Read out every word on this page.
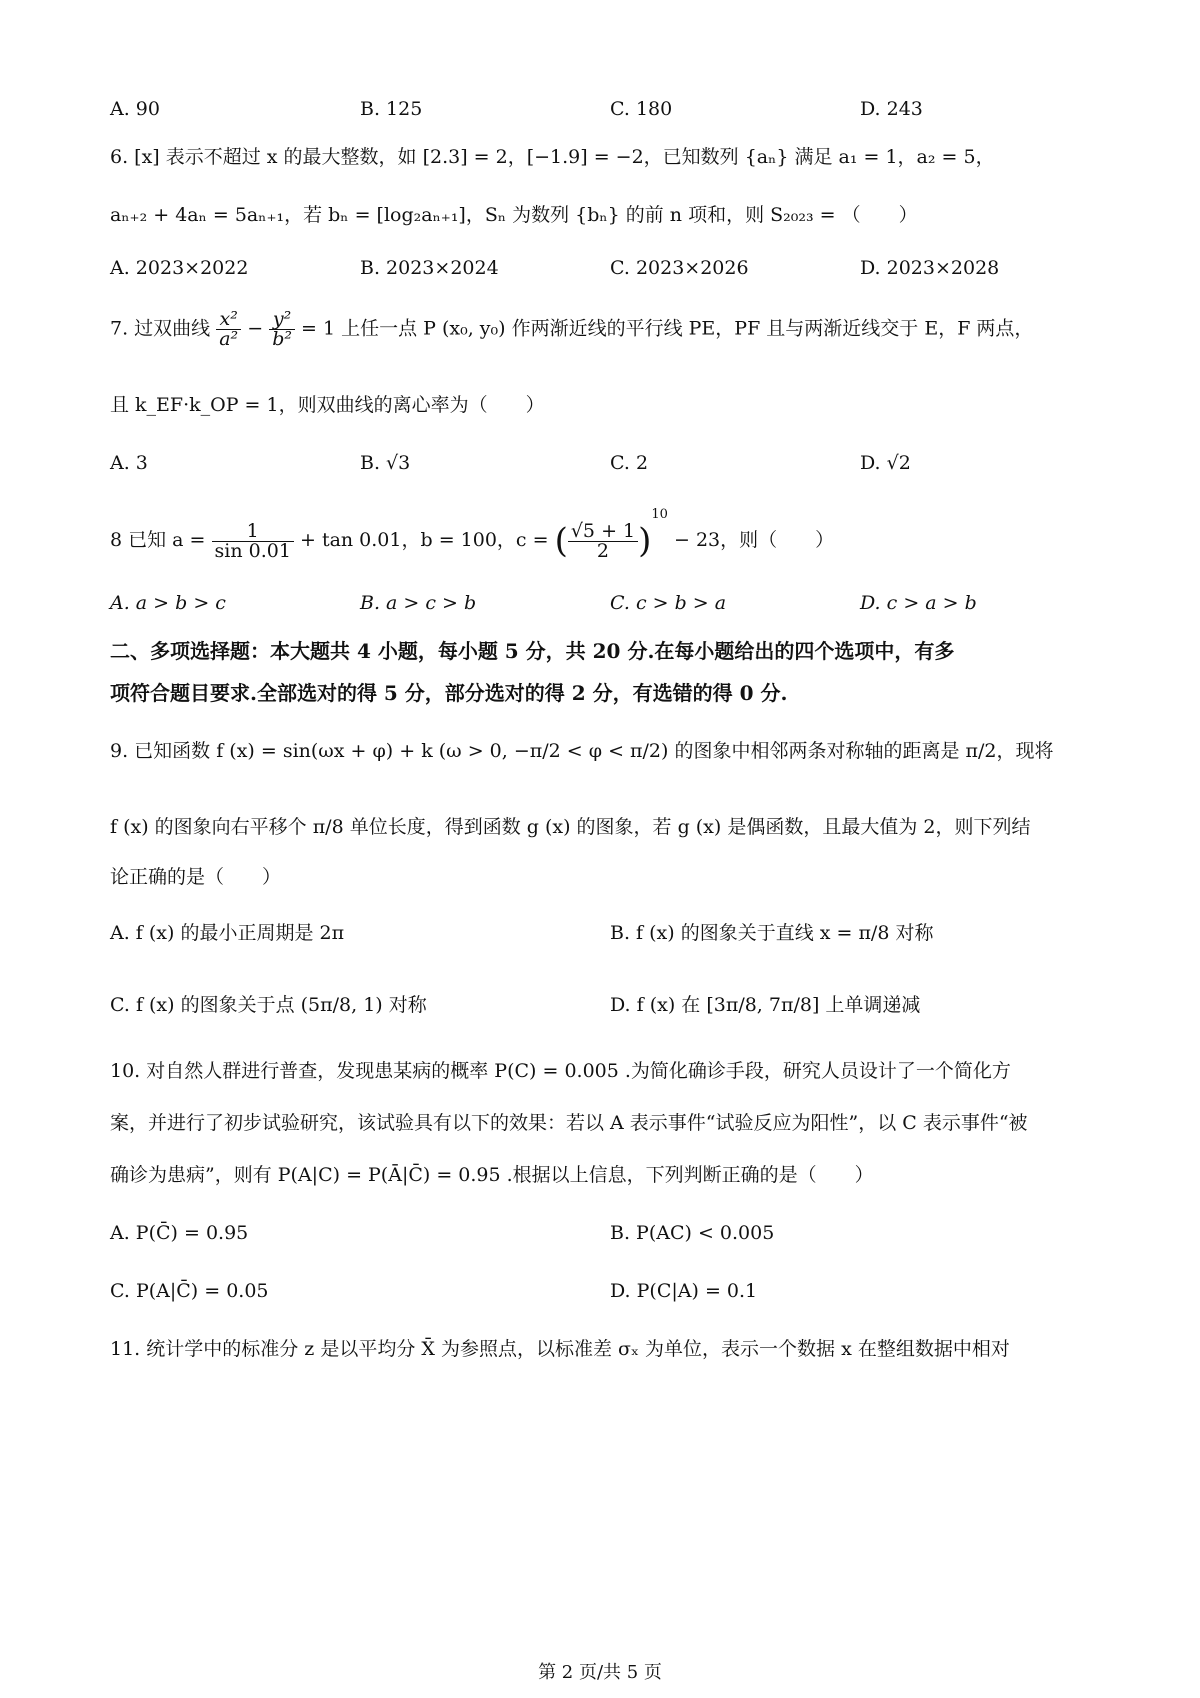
A. 90	B. 125	C. 180	D. 243
6. [x] 表示不超过 x 的最大整数，如 [2.3] = 2，[−1.9] = −2，已知数列 {aₙ} 满足 a₁ = 1，a₂ = 5，
aₙ₊₂ + 4aₙ = 5aₙ₊₁，若 bₙ = [log₂aₙ₊₁]，Sₙ 为数列 {bₙ} 的前 n 项和，则 S₂₀₂₃ = （　　）
A. 2023×2022	B. 2023×2024	C. 2023×2026	D. 2023×2028
7. 过双曲线 $\frac{\text{x²}}{\text{a²}} - \frac{\text{y²}}{\text{b²}} = 1$ 上任一点 P (x₀, y₀) 作两渐近线的平行线 PE，PF 且与两渐近线交于 E，F 两点，
且 k_EF·k_OP = 1，则双曲线的离心率为（　　）
A. 3	B. √3	C. 2	D. √2
8 已知 $a = \frac{1}{\sin 0.01} + \tan 0.01$，b = 100，c = ( $\frac{√5 + 1}{2} )^{10} - 23$，则（　　）
A. a > b > c	B. a > c > b	C. c > b > a	D. c > a > b
二、多项选择题：本大题共 4 小题，每小题 5 分，共 20 分.在每小题给出的四个选项中，有多
项符合题目要求.全部选对的得 5 分，部分选对的得 2 分，有选错的得 0 分.
9. 已知函数 f (x) = sin(ωx + φ) + k (ω > 0, −π/2 < φ < π/2) 的图象中相邻两条对称轴的距离是 π/2，现将
f (x) 的图象向右平移个 π/8 单位长度，得到函数 g (x) 的图象，若 g (x) 是偶函数，且最大值为 2，则下列结
论正确的是（　　）
A. f (x) 的最小正周期是 2π	B. f (x) 的图象关于直线 x = π/8 对称
C. f (x) 的图象关于点 (5π/8, 1) 对称	D. f (x) 在 [3π/8, 7π/8] 上单调递减
10. 对自然人群进行普查，发现患某病的概率 P(C) = 0.005 .为简化确诊手段，研究人员设计了一个简化方
案，并进行了初步试验研究，该试验具有以下的效果：若以 A 表示事件“试验反应为阳性”，以 C 表示事件“被
确诊为患病”，则有 P(A|C) = P(Ā|C̄) = 0.95 .根据以上信息，下列判断正确的是（　　）
A. P(C̄) = 0.95	B. P(AC) < 0.005
C. P(A|C̄) = 0.05	D. P(C|A) = 0.1
11. 统计学中的标准分 z 是以平均分 X̄ 为参照点，以标准差 σₓ 为单位，表示一个数据 x 在整组数据中相对
第 2 页/共 5 页
